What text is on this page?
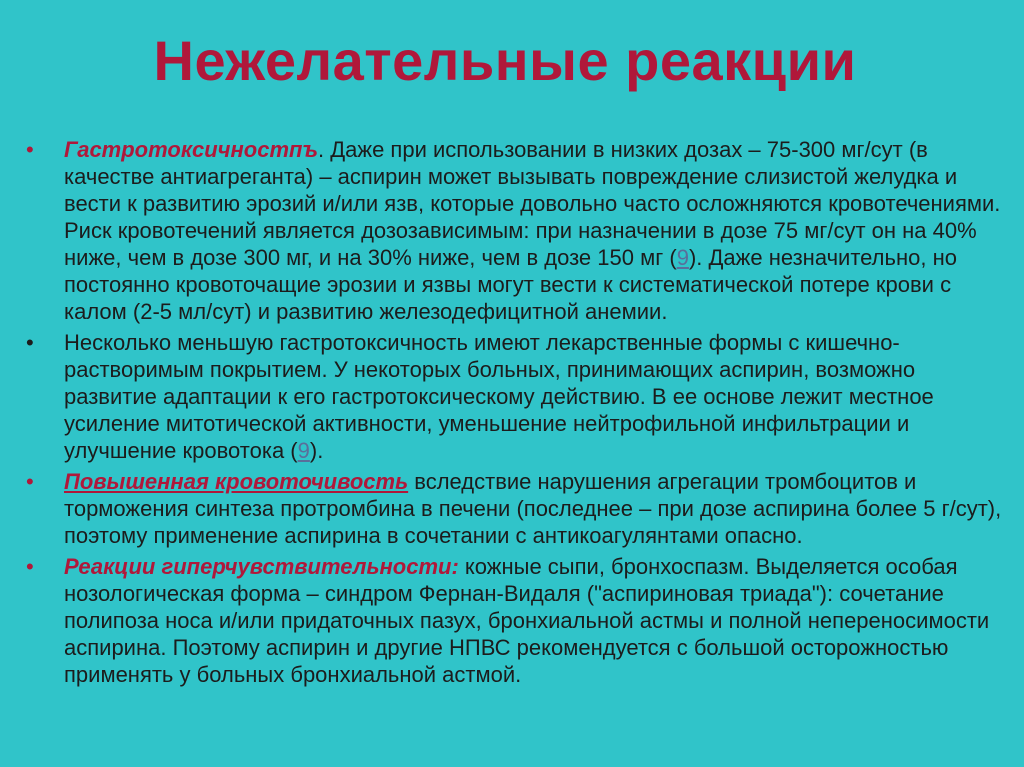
Нежелательные реакции
• Гастротоксичностпъ. Даже при использовании в низких дозах – 75-300 мг/сут (в качестве антиагреганта) – аспирин может вызывать повреждение слизистой желудка и вести к развитию эрозий и/или язв, которые довольно часто осложняются кровотечениями. Риск кровотечений является дозозависимым: при назначении в дозе 75 мг/сут он на 40% ниже, чем в дозе 300 мг, и на 30% ниже, чем в дозе 150 мг (9). Даже незначительно, но постоянно кровоточащие эрозии и язвы могут вести к систематической потере крови с калом (2-5 мл/сут) и развитию железодефицитной анемии.
• Несколько меньшую гастротоксичность имеют лекарственные формы с кишечно-растворимым покрытием. У некоторых больных, принимающих аспирин, возможно развитие адаптации к его гастротоксическому действию. В ее основе лежит местное усиление митотической активности, уменьшение нейтрофильной инфильтрации и улучшение кровотока (9).
• Повышенная кровоточивость вследствие нарушения агрегации тромбоцитов и торможения синтеза протромбина в печени (последнее – при дозе аспирина более 5 г/сут), поэтому применение аспирина в сочетании с антикоагулянтами опасно.
• Реакции гиперчувствительности: кожные сыпи, бронхоспазм. Выделяется особая нозологическая форма – синдром Фернан-Видаля ("аспириновая триада"): сочетание полипоза носа и/или придаточных пазух, бронхиальной астмы и полной непереносимости аспирина. Поэтому аспирин и другие НПВС рекомендуется с большой осторожностью применять у больных бронхиальной астмой.
